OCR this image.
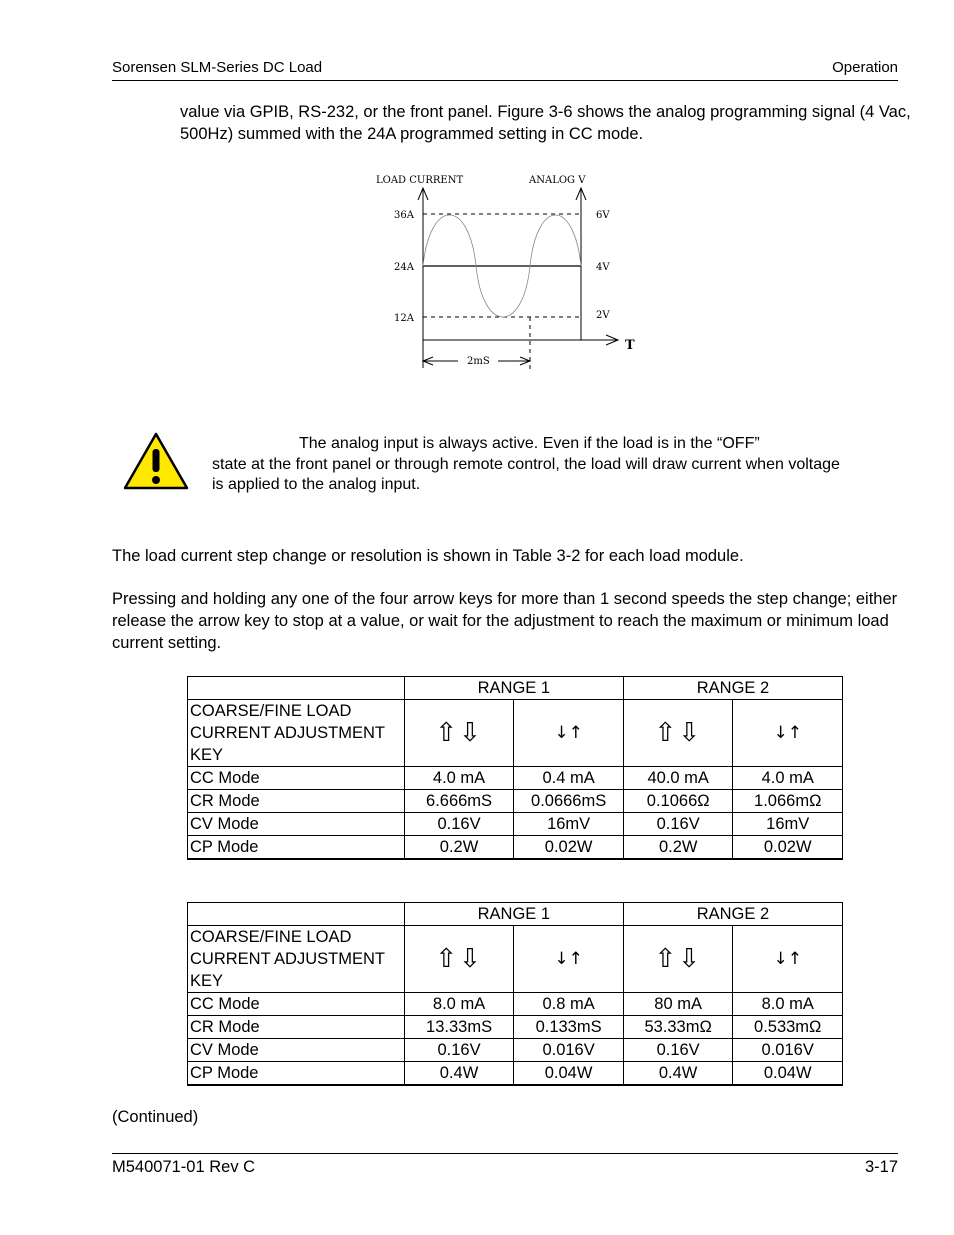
Sorensen SLM-Series DC Load	Operation
value via GPIB, RS-232, or the front panel. Figure 3-6 shows the analog programming signal (4 Vac, 500Hz) summed with the 24A programmed setting in CC mode.
LOAD CURRENT	ANALOG V
T
36A
24A
12A
6V
4V
2V
2mS
The analog input is always active. Even if the load is in the “OFF”
state at the front panel or through remote control, the load will draw current when voltage is applied to the analog input.
The load current step change or resolution is shown in Table 3-2 for each load module.
Pressing and holding any one of the four arrow keys for more than 1 second speeds the step change; either release the arrow key to stop at a value, or wait for the adjustment to reach the maximum or minimum load current setting.
	RANGE 1		RANGE 2	
COARSE/FINE LOAD CURRENT ADJUSTMENT KEY	⇧⇩	↓↑	⇧⇩	↓↑
CC Mode	4.0 mA	0.4 mA	40.0 mA	4.0 mA
CR Mode	6.666mS	0.0666mS	0.1066Ω	1.066mΩ
CV Mode	0.16V	16mV	0.16V	16mV
CP Mode	0.2W	0.02W	0.2W	0.02W
	RANGE 1		RANGE 2	
COARSE/FINE LOAD CURRENT ADJUSTMENT KEY	⇧⇩	↓↑	⇧⇩	↓↑
CC Mode	8.0 mA	0.8 mA	80 mA	8.0 mA
CR Mode	13.33mS	0.133mS	53.33mΩ	0.533mΩ
CV Mode	0.16V	0.016V	0.16V	0.016V
CP Mode	0.4W	0.04W	0.4W	0.04W
(Continued)
M540071-01 Rev C	3-17
